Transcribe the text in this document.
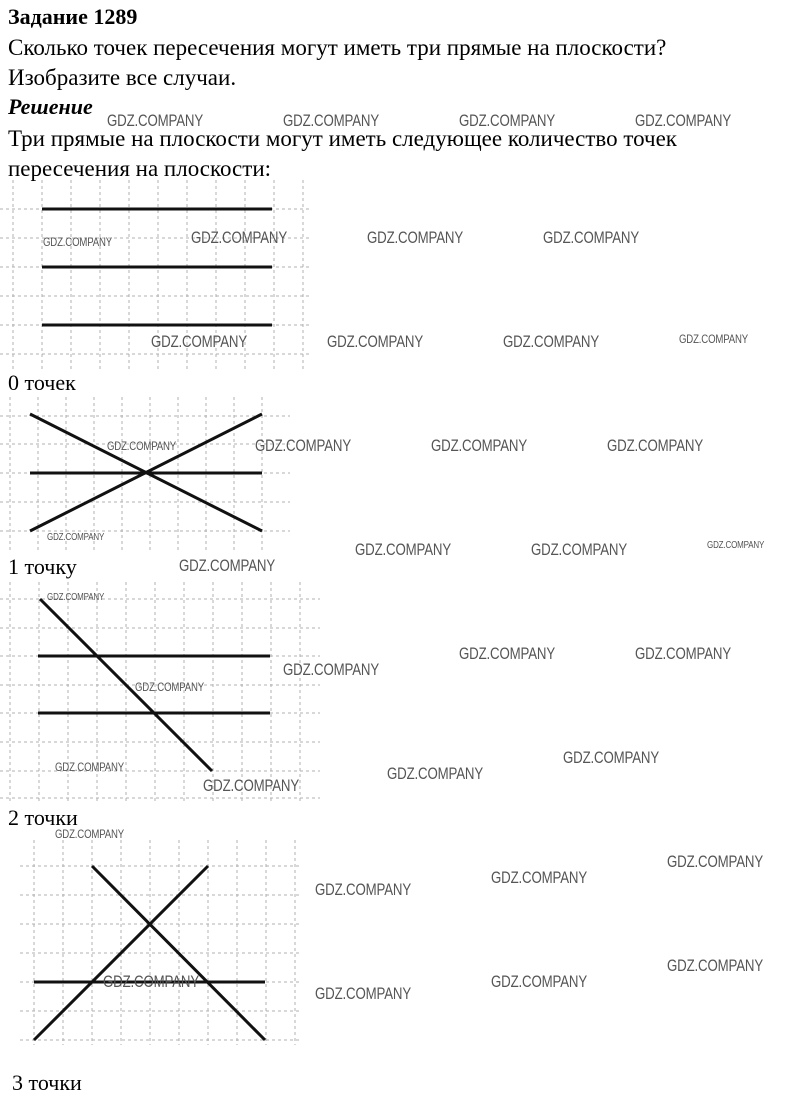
Задание 1289
Сколько точек пересечения могут иметь три прямые на плоскости?
Изобразите все случаи.
Решение
Три прямые на плоскости могут иметь следующее количество точек
пересечения на плоскости:
0 точек
1 точку
2 точки
3 точки
GDZ.COMPANY	GDZ.COMPANY	GDZ.COMPANY	GDZ.COMPANY
GDZ.COMPANY	GDZ.COMPANY	GDZ.COMPANY	GDZ.COMPANY
GDZ.COMPANY	GDZ.COMPANY	GDZ.COMPANY	GDZ.COMPANY
GDZ.COMPANY	GDZ.COMPANY	GDZ.COMPANY	GDZ.COMPANY
GDZ.COMPANY
GDZ.COMPANY	GDZ.COMPANY	GDZ.COMPANY
GDZ.COMPANY
GDZ.COMPANY
GDZ.COMPANY	GDZ.COMPANY
GDZ.COMPANY
GDZ.COMPANY
GDZ.COMPANY
GDZ.COMPANY	GDZ.COMPANY
GDZ.COMPANY
GDZ.COMPANY
GDZ.COMPANY
GDZ.COMPANY
GDZ.COMPANY
GDZ.COMPANY
GDZ.COMPANY	GDZ.COMPANY
GDZ.COMPANY
